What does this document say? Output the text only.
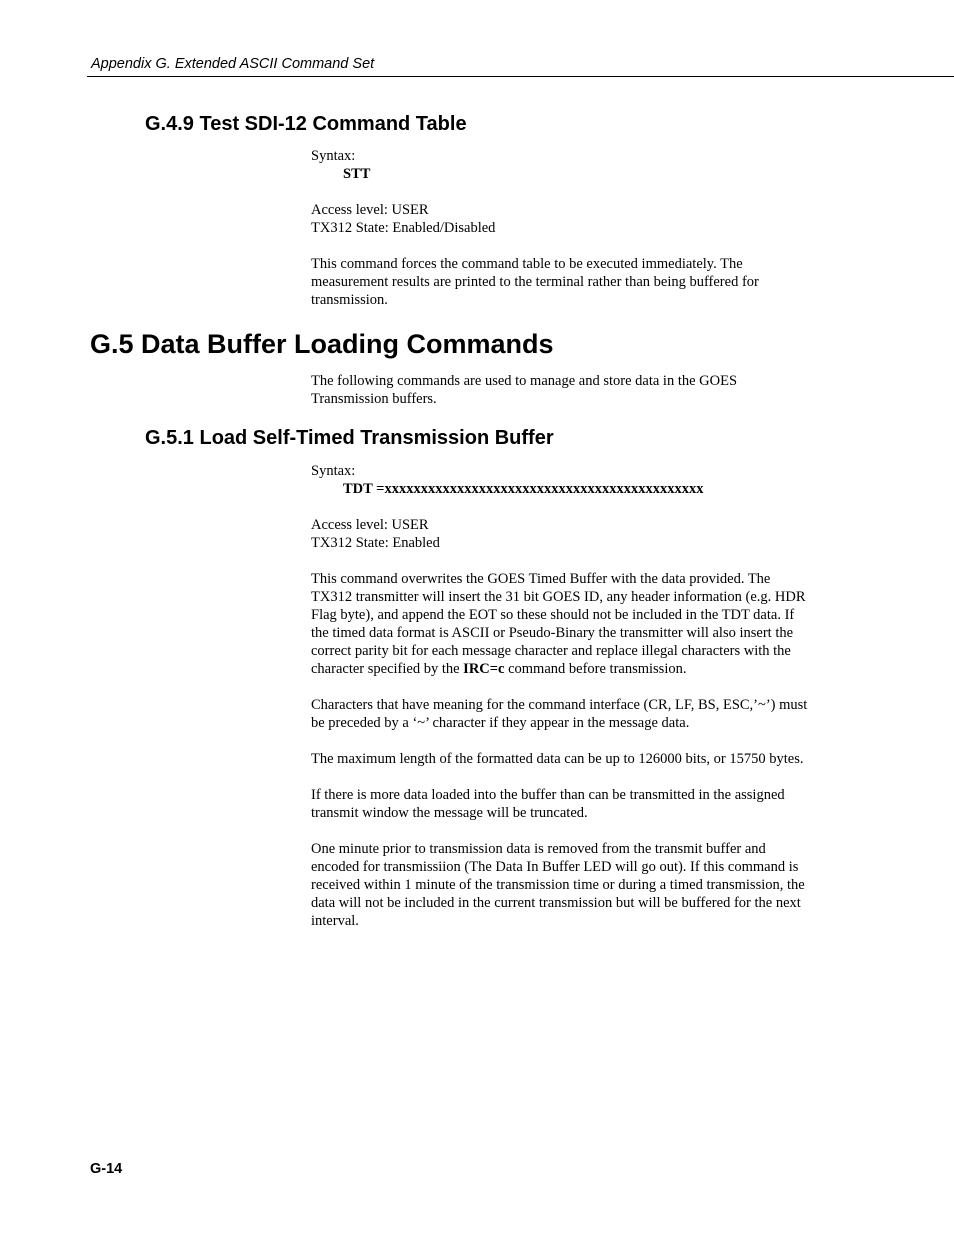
Appendix G. Extended ASCII Command Set
G.4.9 Test SDI-12 Command Table

Syntax:

STT

Access level: USER

TX312 State: Enabled/Disabled

This command forces the command table to be executed immediately. The measurement results are printed to the terminal rather than being buffered for transmission.

G.5 Data Buffer Loading Commands

The following commands are used to manage and store data in the GOES Transmission buffers.

G.5.1 Load Self-Timed Transmission Buffer

Syntax:

TDT =xxxxxxxxxxxxxxxxxxxxxxxxxxxxxxxxxxxxxxxxxxxx

Access level: USER

TX312 State: Enabled

This command overwrites the GOES Timed Buffer with the data provided. The TX312 transmitter will insert the 31 bit GOES ID, any header information (e.g. HDR Flag byte), and append the EOT so these should not be included in the TDT data. If the timed data format is ASCII or Pseudo-Binary the transmitter will also insert the correct parity bit for each message character and replace illegal characters with the character specified by the IRC=c command before transmission.

Characters that have meaning for the command interface (CR, LF, BS, ESC,’~’) must be preceded by a ‘~’ character if they appear in the message data.

The maximum length of the formatted data can be up to 126000 bits, or 15750 bytes.

If there is more data loaded into the buffer than can be transmitted in the assigned transmit window the message will be truncated.

One minute prior to transmission data is removed from the transmit buffer and encoded for transmissiion (The Data In Buffer LED will go out). If this command is received within 1 minute of the transmission time or during a timed transmission, the data will not be included in the current transmission but will be buffered for the next interval.

G-14
